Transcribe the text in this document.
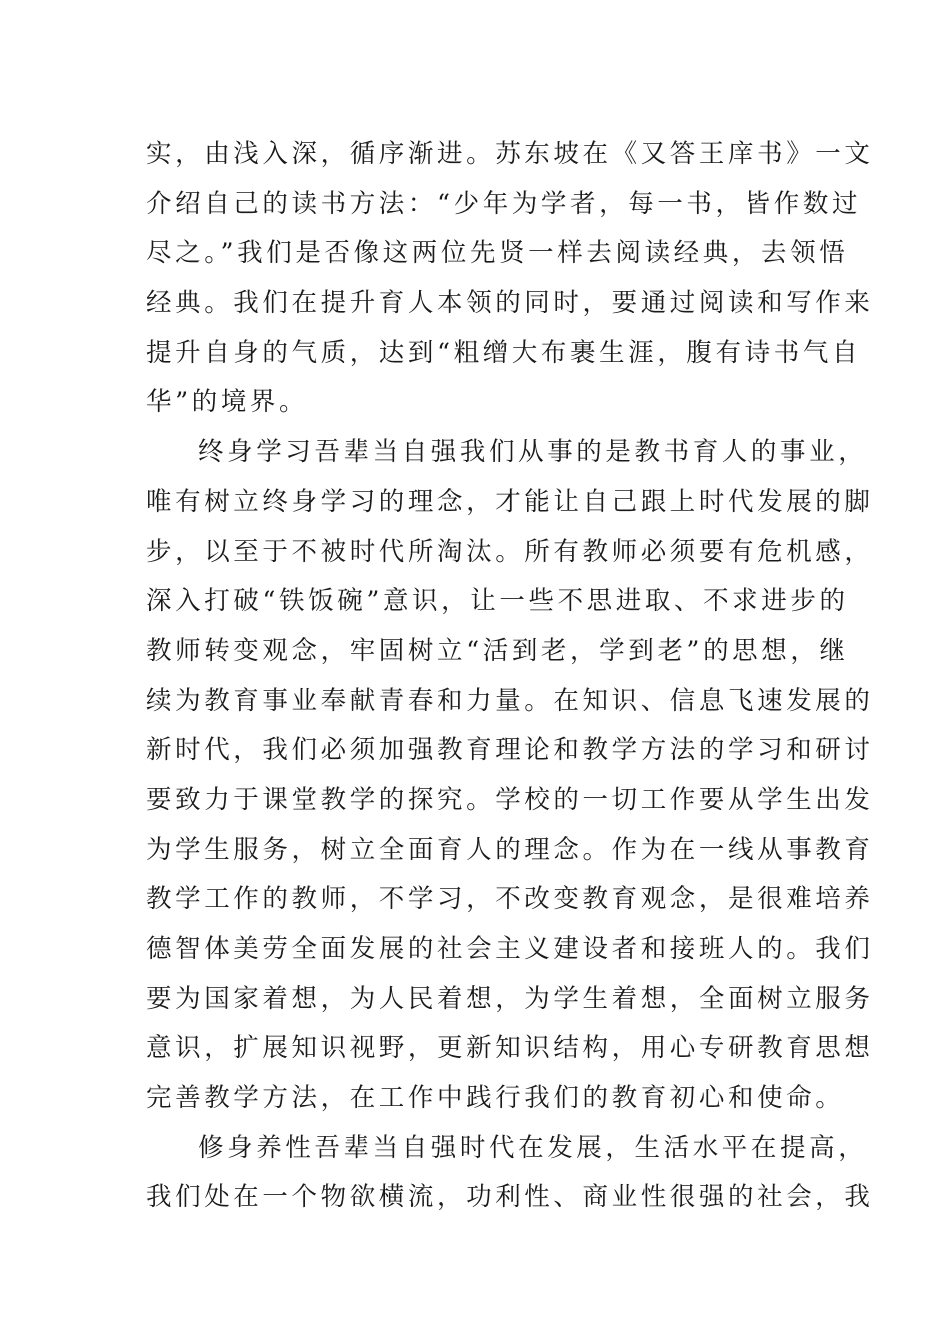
实，由浅入深，循序渐进。苏东坡在《又答王庠书》一文
介绍自己的读书方法：“少年为学者，每一书，皆作数过
尽之。”我们是否像这两位先贤一样去阅读经典，去领悟
经典。我们在提升育人本领的同时，要通过阅读和写作来
提升自身的气质，达到“粗缯大布裹生涯，腹有诗书气自
华”的境界。
终身学习吾辈当自强我们从事的是教书育人的事业，
唯有树立终身学习的理念，才能让自己跟上时代发展的脚
步，以至于不被时代所淘汰。所有教师必须要有危机感，
深入打破“铁饭碗”意识，让一些不思进取、不求进步的
教师转变观念，牢固树立“活到老，学到老”的思想，继
续为教育事业奉献青春和力量。在知识、信息飞速发展的
新时代，我们必须加强教育理论和教学方法的学习和研讨
要致力于课堂教学的探究。学校的一切工作要从学生出发
为学生服务，树立全面育人的理念。作为在一线从事教育
教学工作的教师，不学习，不改变教育观念，是很难培养
德智体美劳全面发展的社会主义建设者和接班人的。我们
要为国家着想，为人民着想，为学生着想，全面树立服务
意识，扩展知识视野，更新知识结构，用心专研教育思想
完善教学方法，在工作中践行我们的教育初心和使命。
修身养性吾辈当自强时代在发展，生活水平在提高，
我们处在一个物欲横流，功利性、商业性很强的社会，我
